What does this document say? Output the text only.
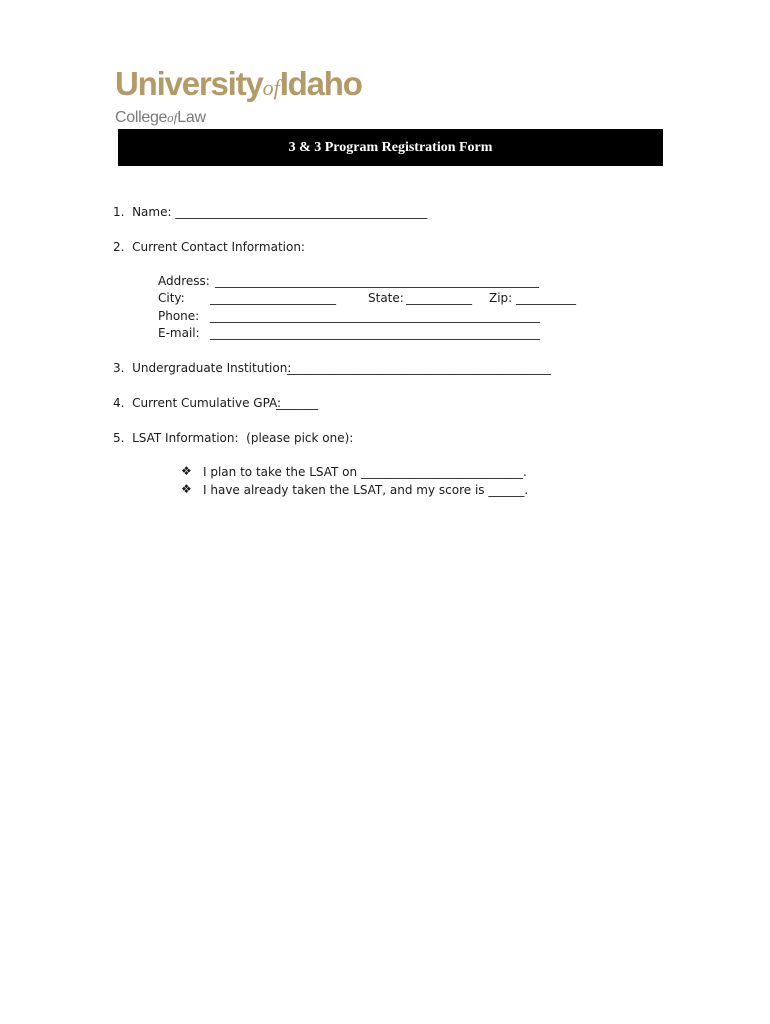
UniversityofIdaho
CollegeofLaw
3 & 3 Program Registration Form
1.  Name: __________________________________________
2.  Current Contact Information:
Address: ______________________________________________________
City: _____________________	State: ___________ Zip: __________
Phone: _______________________________________________________
E-mail: _______________________________________________________
3.  Undergraduate Institution:
____________________________________________
4.  Current Cumulative GPA:
_______
5.  LSAT Information:  (please pick one):
❖ I plan to take the LSAT on ___________________________.
❖ I have already taken the LSAT, and my score is ______.
